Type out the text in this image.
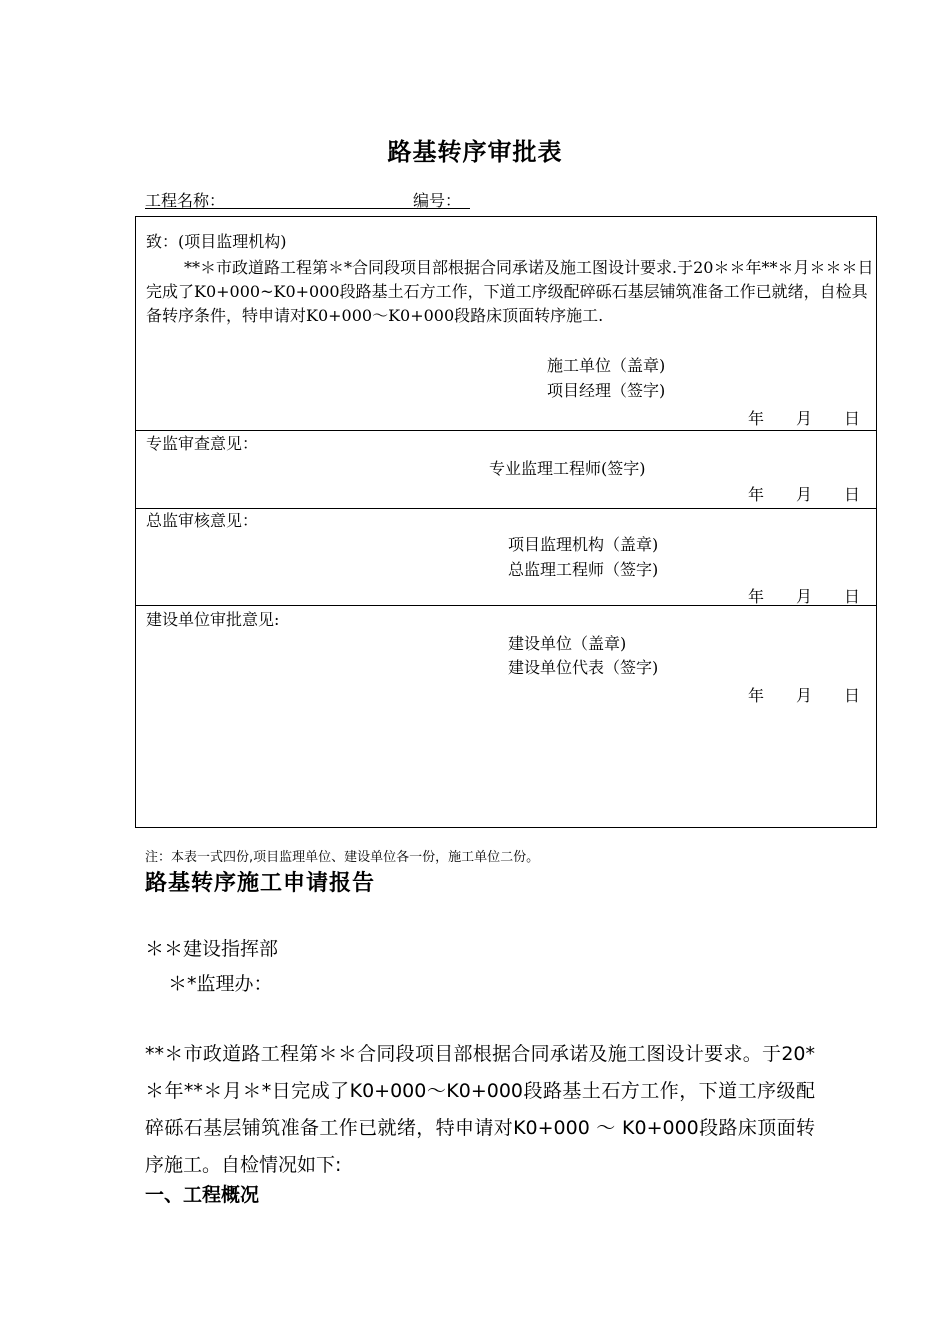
路基转序审批表
工程名称：	编号：
致：(项目监理机构)
**＊市政道路工程第＊*合同段项目部根据合同承诺及施工图设计要求.于20＊＊年**＊月＊＊＊日完成了K0+000~K0+000段路基土石方工作，下道工序级配碎砾石基层铺筑准备工作已就绪，自检具备转序条件，特申请对K0+000～K0+000段路床顶面转序施工.
施工单位（盖章)
项目经理（签字)
年 月 日
专监审查意见：
专业监理工程师(签字)
年 月 日
总监审核意见：
项目监理机构（盖章)
总监理工程师（签字)
年 月 日
建设单位审批意见:
建设单位（盖章)
建设单位代表（签字)
年 月 日
注：本表一式四份,项目监理单位、建设单位各一份，施工单位二份。
路基转序施工申请报告
＊＊建设指挥部
＊*监理办：
**＊市政道路工程第＊＊合同段项目部根据合同承诺及施工图设计要求。于20*＊年**＊月＊*日完成了K0+000～K0+000段路基土石方工作，下道工序级配碎砾石基层铺筑准备工作已就绪，特申请对K0+000 ～ K0+000段路床顶面转序施工。自检情况如下:
一、工程概况
